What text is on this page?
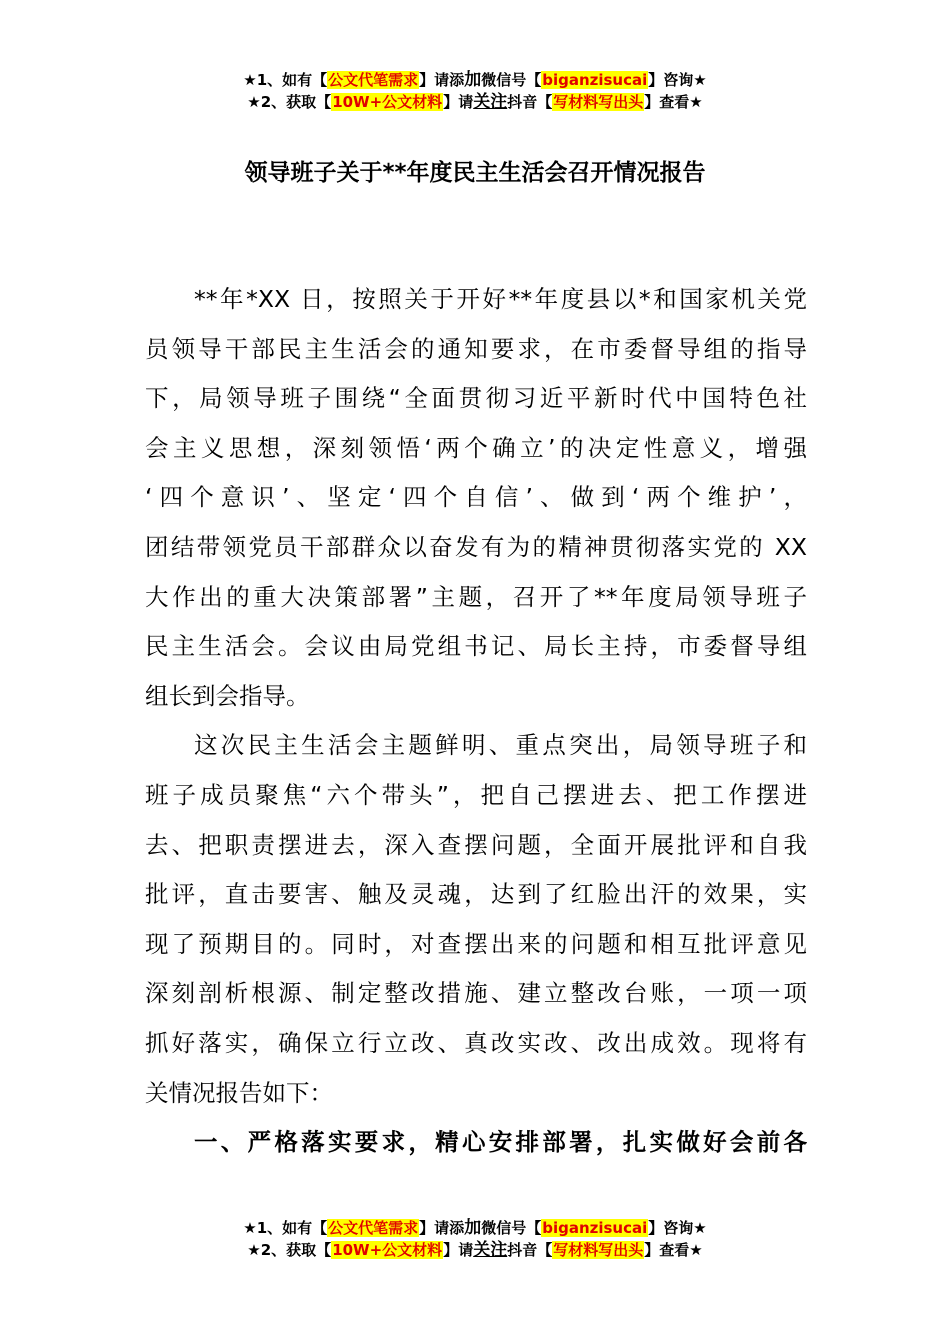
★1、如有【公文代笔需求】请添加微信号【biganzisucai】咨询★
★2、获取【10W+公文材料】请关注抖音【写材料写出头】查看★
领导班子关于**年度民主生活会召开情况报告
**年*XX 日，按照关于开好**年度县以*和国家机关党
员领导干部民主生活会的通知要求，在市委督导组的指导
下，局领导班子围绕“全面贯彻习近平新时代中国特色社
会主义思想，深刻领悟‘两个确立’的决定性意义，增强
‘四个意识’、坚定‘四个自信’、做到‘两个维护’，
团结带领党员干部群众以奋发有为的精神贯彻落实党的 XX
大作出的重大决策部署”主题，召开了**年度局领导班子
民主生活会。会议由局党组书记、局长主持，市委督导组
组长到会指导。
这次民主生活会主题鲜明、重点突出，局领导班子和
班子成员聚焦“六个带头”，把自己摆进去、把工作摆进
去、把职责摆进去，深入查摆问题，全面开展批评和自我
批评，直击要害、触及灵魂，达到了红脸出汗的效果，实
现了预期目的。同时，对查摆出来的问题和相互批评意见
深刻剖析根源、制定整改措施、建立整改台账，一项一项
抓好落实，确保立行立改、真改实改、改出成效。现将有
关情况报告如下：
一、严格落实要求，精心安排部署，扎实做好会前各
★1、如有【公文代笔需求】请添加微信号【biganzisucai】咨询★
★2、获取【10W+公文材料】请关注抖音【写材料写出头】查看★
